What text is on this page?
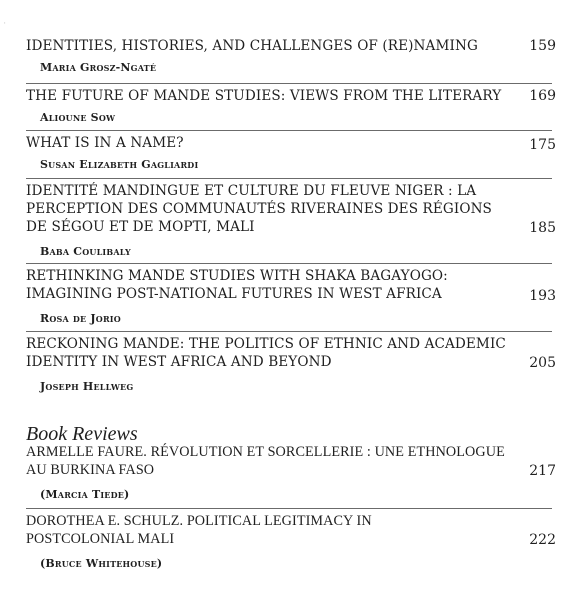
'
IDENTITIES, HISTORIES, AND CHALLENGES OF (RE)NAMING	159
Maria Grosz-Ngaté
THE FUTURE OF MANDE STUDIES: VIEWS FROM THE LITERARY	169
Alioune Sow
WHAT IS IN A NAME?	175
Susan Elizabeth Gagliardi
IDENTITÉ MANDINGUE ET CULTURE DU FLEUVE NIGER : LA
PERCEPTION DES COMMUNAUTÉS RIVERAINES DES RÉGIONS
DE SÉGOU ET DE MOPTI, MALI	185
Baba Coulibaly
RETHINKING MANDE STUDIES WITH SHAKA BAGAYOGO:
IMAGINING POST-NATIONAL FUTURES IN WEST AFRICA	193
Rosa de Jorio
RECKONING MANDE: THE POLITICS OF ETHNIC AND ACADEMIC
IDENTITY IN WEST AFRICA AND BEYOND	205
Joseph Hellweg
Book Reviews
ARMELLE FAURE. RÉVOLUTION ET SORCELLERIE : UNE ETHNOLOGUE
AU BURKINA FASO	217
(Marcia Tiede)
DOROTHEA E. SCHULZ. POLITICAL LEGITIMACY IN
POSTCOLONIAL MALI	222
(Bruce Whitehouse)
